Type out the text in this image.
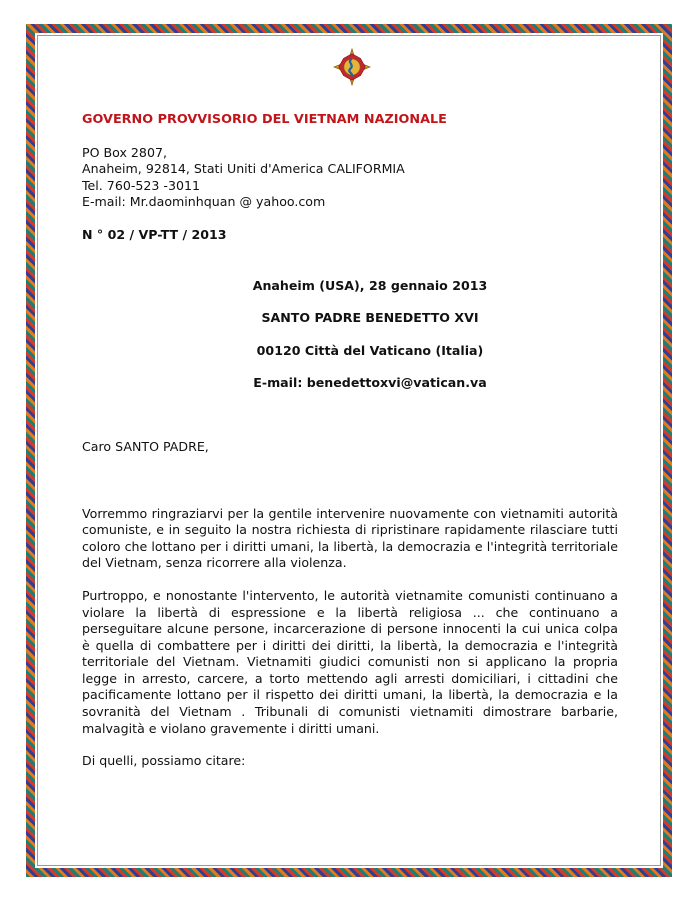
GOVERNO PROVVISORIO DEL VIETNAM NAZIONALE

PO Box 2807,
Anaheim, 92814, Stati Uniti d'America CALIFORMIA
Tel. 760-523 -3011
E-mail: Mr.daominhquan @ yahoo.com
N ° 02 / VP-TT / 2013
Anaheim (USA), 28 gennaio 2013
SANTO PADRE BENEDETTO XVI
00120 Città del Vaticano (Italia)
E-mail: benedettoxvi@vatican.va
Caro SANTO PADRE,

Vorremmo ringraziarvi per la gentile intervenire nuovamente con vietnamiti autorità comuniste, e in seguito la nostra richiesta di ripristinare rapidamente rilasciare tutti coloro che lottano per i diritti umani, la libertà, la democrazia e l'integrità territoriale del Vietnam, senza ricorrere alla violenza.

Purtroppo, e nonostante l'intervento, le autorità vietnamite comunisti continuano a violare la libertà di espressione e la libertà religiosa ... che continuano a perseguitare alcune persone, incarcerazione di persone innocenti la cui unica colpa è quella di combattere per i diritti dei diritti, la libertà, la democrazia e l'integrità territoriale del Vietnam. Vietnamiti giudici comunisti non si applicano la propria legge in arresto, carcere, a torto mettendo agli arresti domiciliari, i cittadini che pacificamente lottano per il rispetto dei diritti umani, la libertà, la democrazia e la sovranità del Vietnam . Tribunali di comunisti vietnamiti dimostrare barbarie, malvagità e violano gravemente i diritti umani.

Di quelli, possiamo citare:
